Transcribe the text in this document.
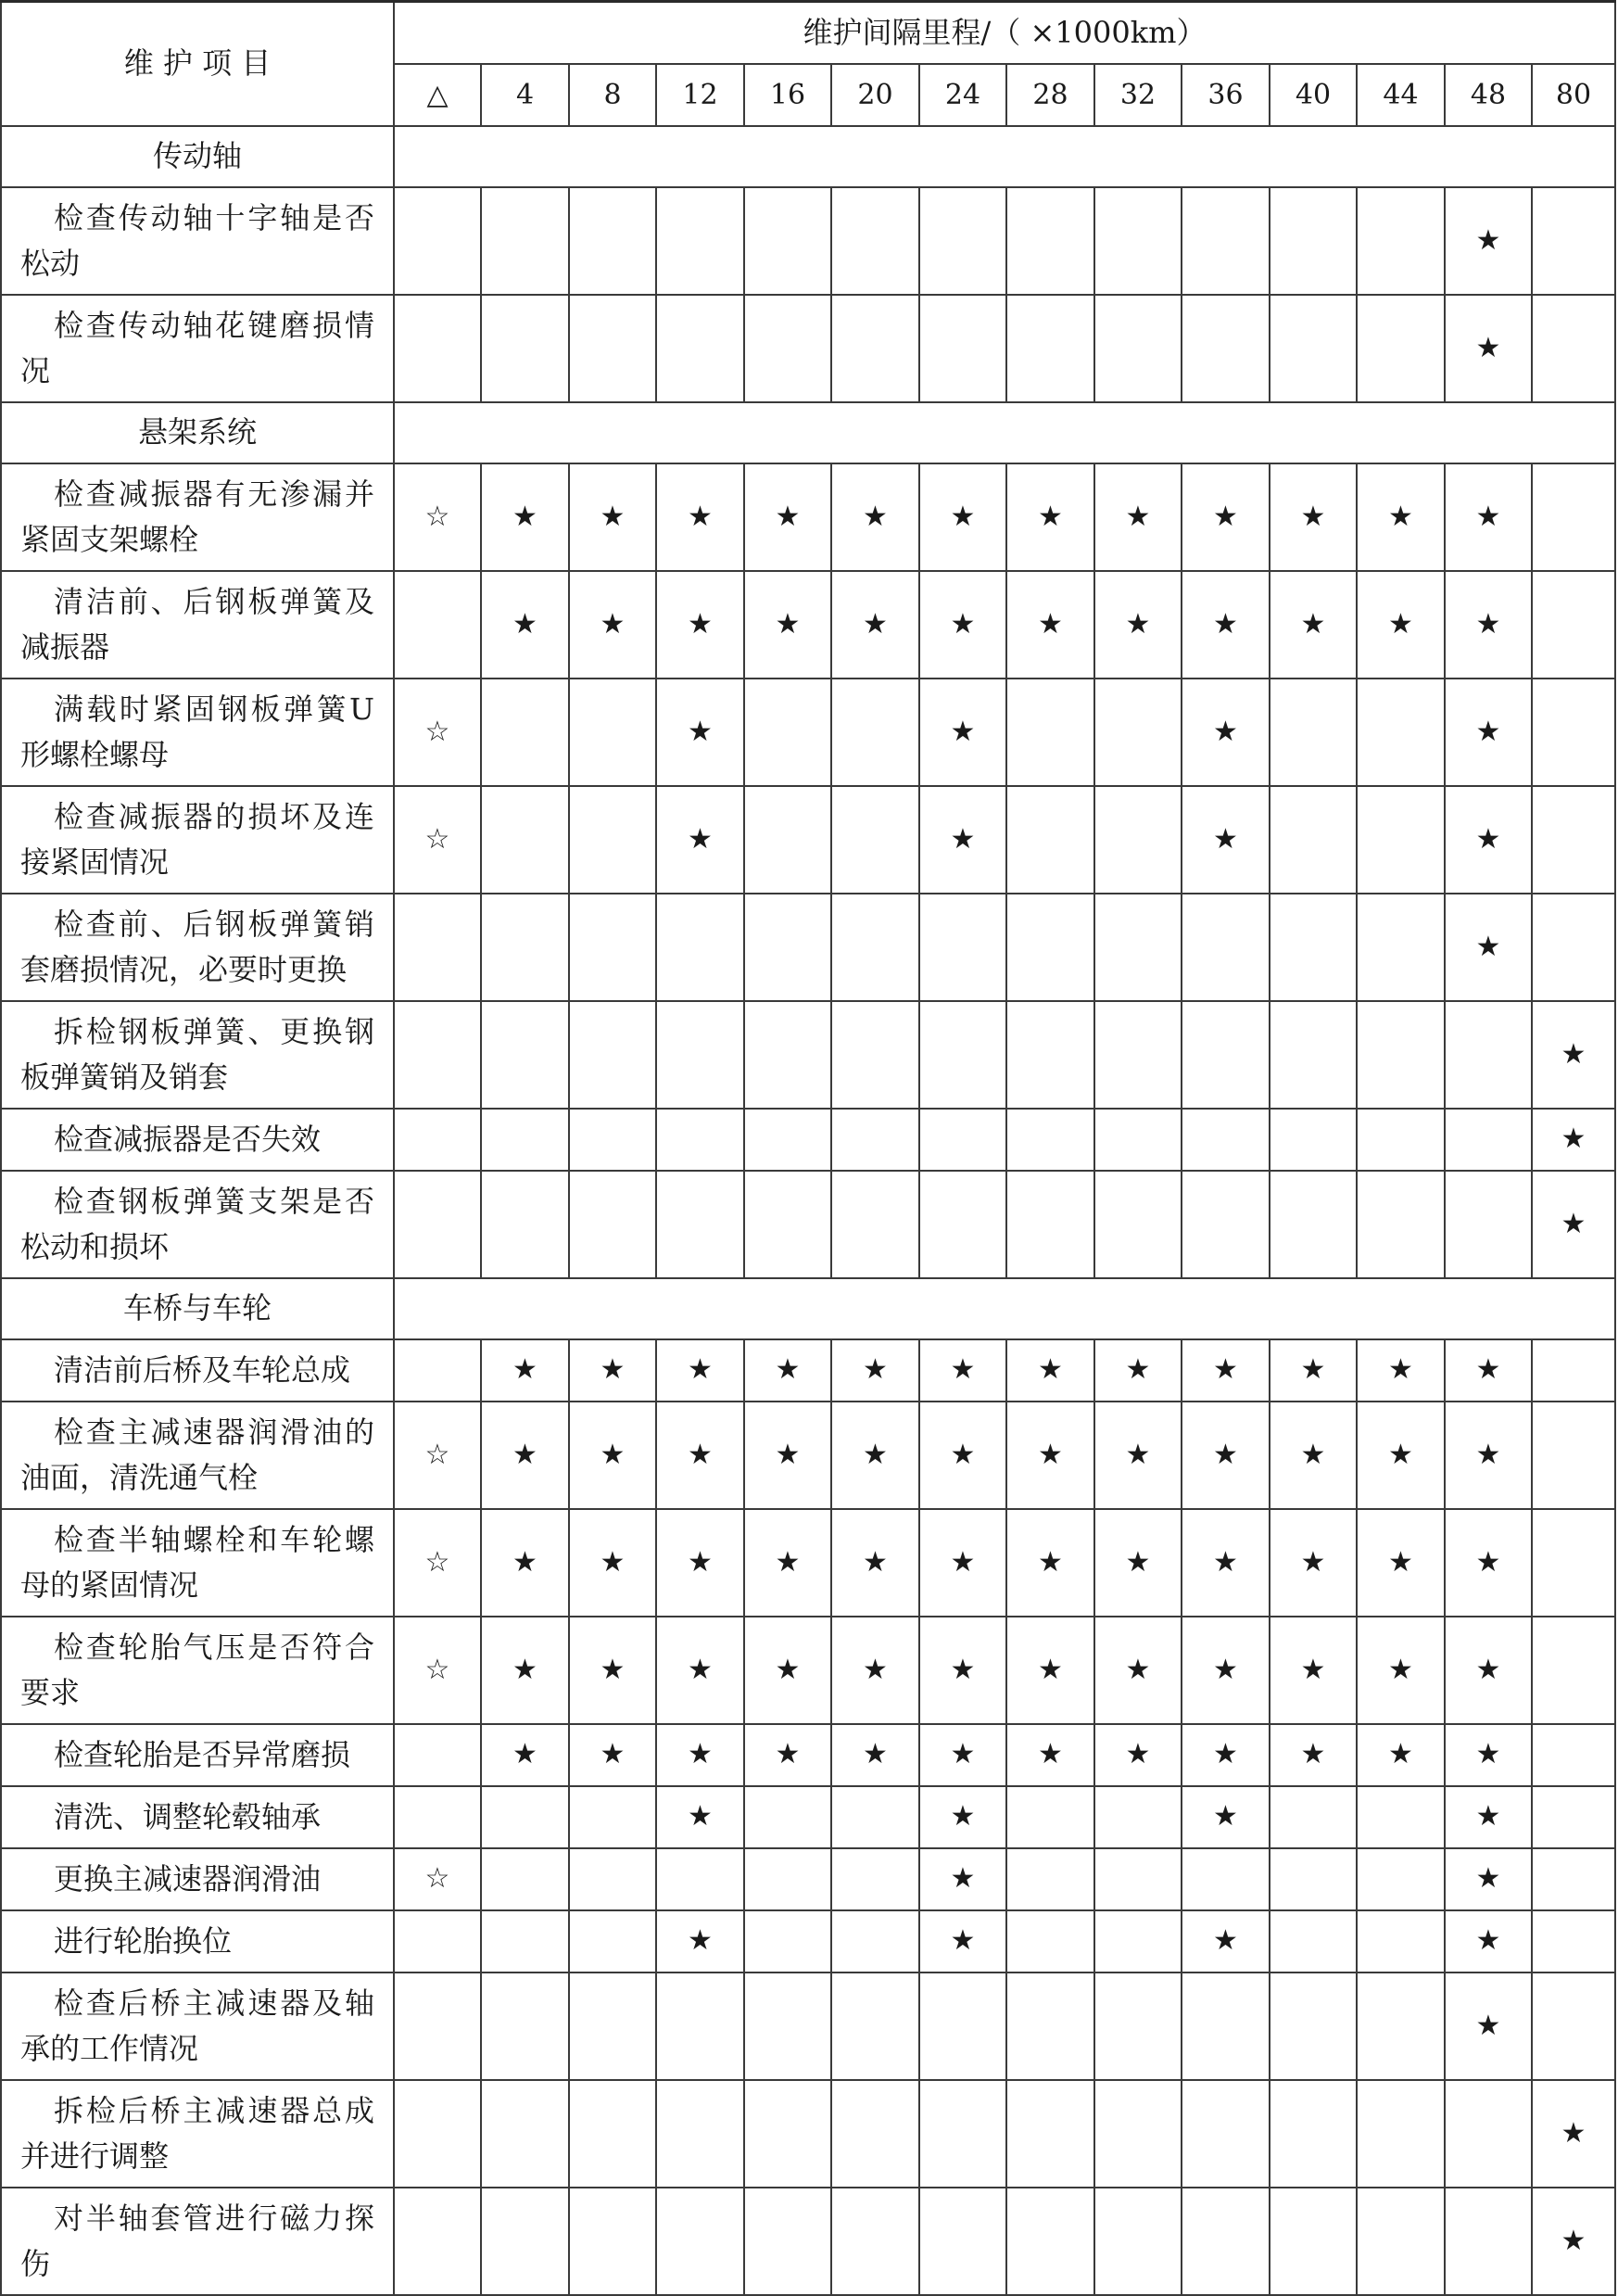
维 护 项 目	维护间隔里程/（ ×1000km）													
	△	4	8	12	16	20	24	28	32	36	40	44	48	80
传动轴														
检查传动轴十字轴是否松动													★	
检查传动轴花键磨损情况													★	
悬架系统														
检查减振器有无渗漏并紧固支架螺栓	☆	★	★	★	★	★	★	★	★	★	★	★	★	
清洁前、后钢板弹簧及减振器		★	★	★	★	★	★	★	★	★	★	★	★	
满载时紧固钢板弹簧U形螺栓螺母	☆			★			★			★			★	
检查减振器的损坏及连接紧固情况	☆			★			★			★			★	
检查前、后钢板弹簧销套磨损情况，必要时更换													★	
拆检钢板弹簧、更换钢板弹簧销及销套														★
检查减振器是否失效														★
检查钢板弹簧支架是否松动和损坏														★
车桥与车轮														
清洁前后桥及车轮总成		★	★	★	★	★	★	★	★	★	★	★	★	
检查主减速器润滑油的油面，清洗通气栓	☆	★	★	★	★	★	★	★	★	★	★	★	★	
检查半轴螺栓和车轮螺母的紧固情况	☆	★	★	★	★	★	★	★	★	★	★	★	★	
检查轮胎气压是否符合要求	☆	★	★	★	★	★	★	★	★	★	★	★	★	
检查轮胎是否异常磨损		★	★	★	★	★	★	★	★	★	★	★	★	
清洗、调整轮毂轴承				★			★			★			★	
更换主减速器润滑油	☆						★						★	
进行轮胎换位				★			★			★			★	
检查后桥主减速器及轴承的工作情况													★	
拆检后桥主减速器总成并进行调整														★
对半轴套管进行磁力探伤														★
